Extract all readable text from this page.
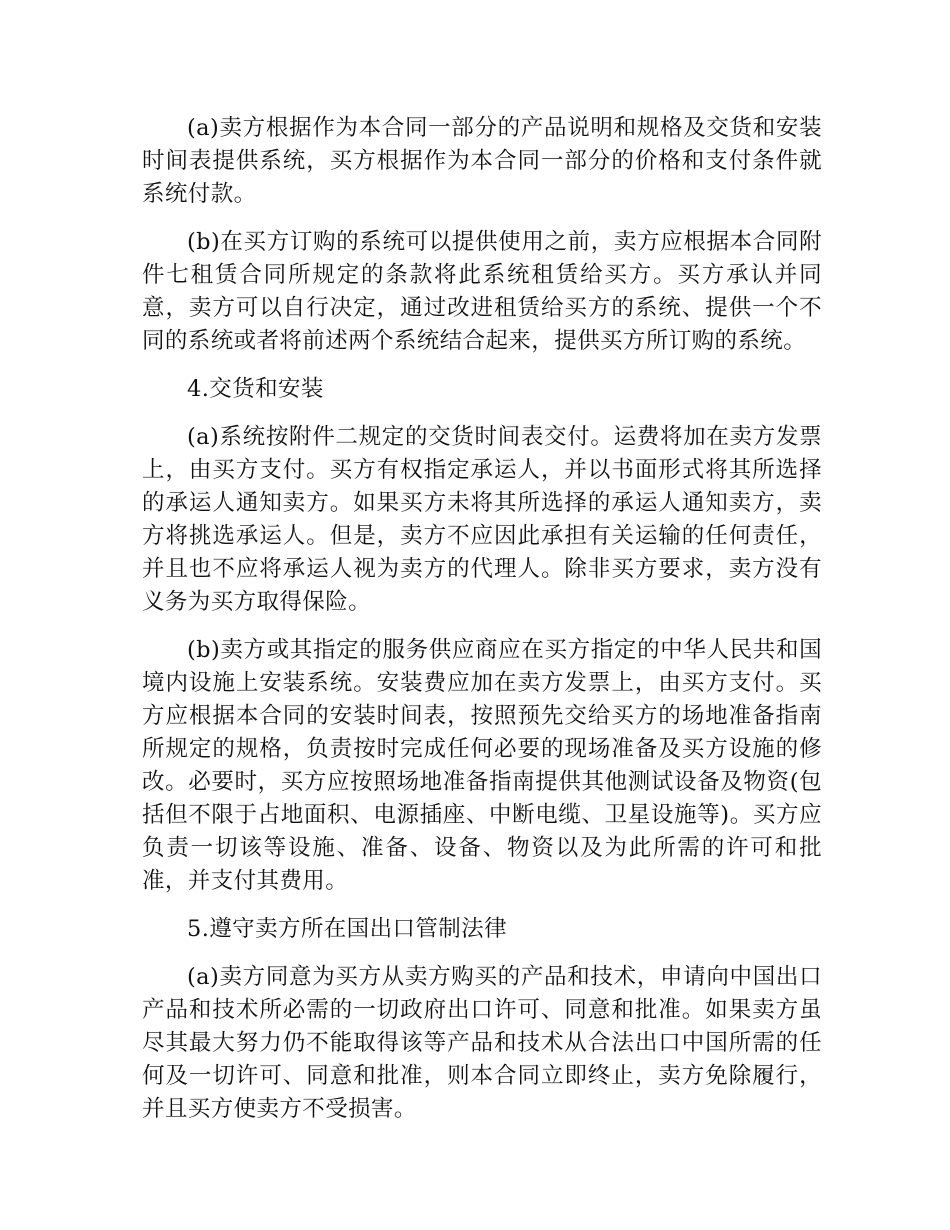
(a)卖方根据作为本合同一部分的产品说明和规格及交货和安装时间表提供系统，买方根据作为本合同一部分的价格和支付条件就系统付款。

(b)在买方订购的系统可以提供使用之前，卖方应根据本合同附件七租赁合同所规定的条款将此系统租赁给买方。买方承认并同意，卖方可以自行决定，通过改进租赁给买方的系统、提供一个不同的系统或者将前述两个系统结合起来，提供买方所订购的系统。

4.交货和安装

(a)系统按附件二规定的交货时间表交付。运费将加在卖方发票上，由买方支付。买方有权指定承运人，并以书面形式将其所选择的承运人通知卖方。如果买方未将其所选择的承运人通知卖方，卖方将挑选承运人。但是，卖方不应因此承担有关运输的任何责任，并且也不应将承运人视为卖方的代理人。除非买方要求，卖方没有义务为买方取得保险。

(b)卖方或其指定的服务供应商应在买方指定的中华人民共和国境内设施上安装系统。安装费应加在卖方发票上，由买方支付。买方应根据本合同的安装时间表，按照预先交给买方的场地准备指南所规定的规格，负责按时完成任何必要的现场准备及买方设施的修改。必要时，买方应按照场地准备指南提供其他测试设备及物资(包括但不限于占地面积、电源插座、中断电缆、卫星设施等)。买方应负责一切该等设施、准备、设备、物资以及为此所需的许可和批准，并支付其费用。

5.遵守卖方所在国出口管制法律

(a)卖方同意为买方从卖方购买的产品和技术，申请向中国出口产品和技术所必需的一切政府出口许可、同意和批准。如果卖方虽尽其最大努力仍不能取得该等产品和技术从合法出口中国所需的任何及一切许可、同意和批准，则本合同立即终止，卖方免除履行，并且买方使卖方不受损害。
